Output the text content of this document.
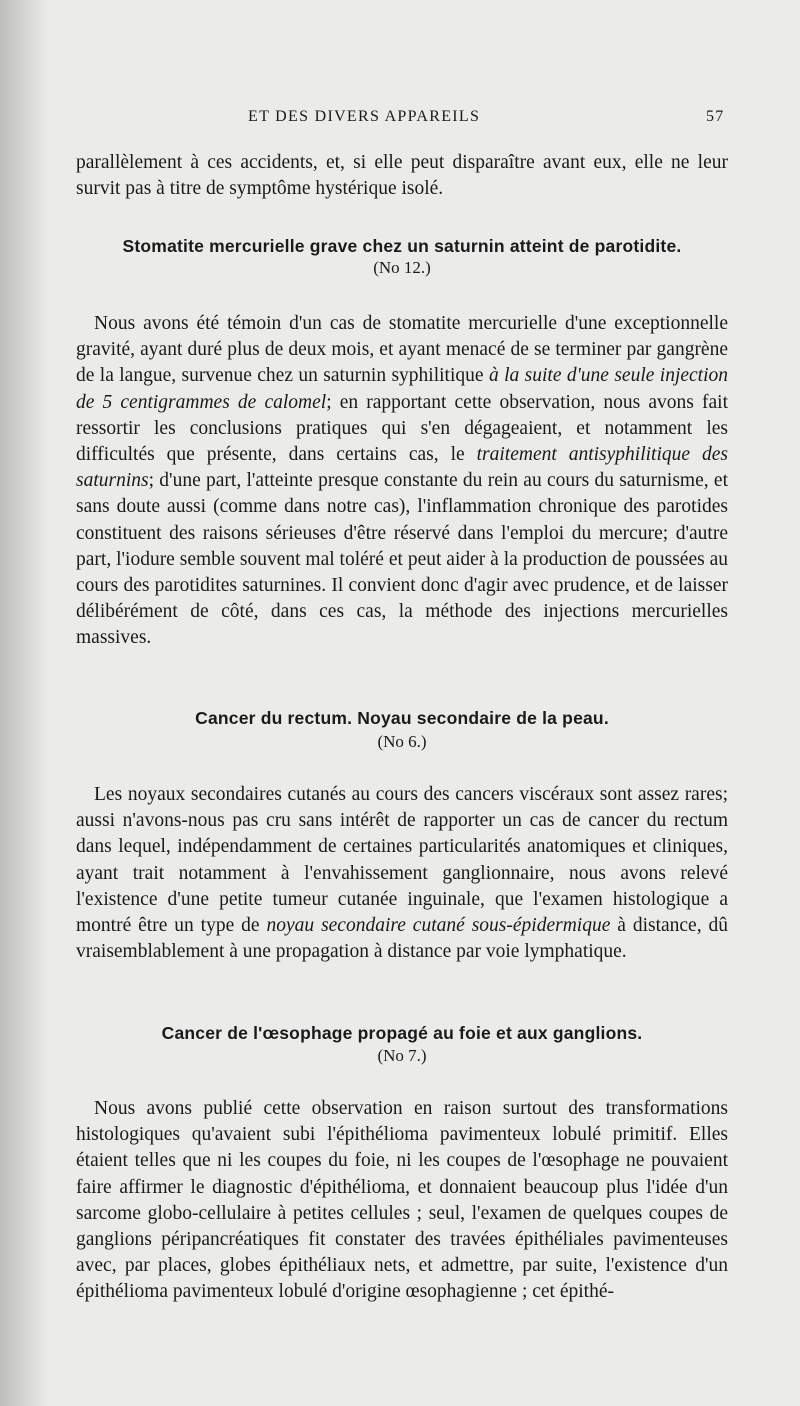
ET DES DIVERS APPAREILS	57

parallèlement à ces accidents, et, si elle peut disparaître avant eux, elle ne leur survit pas à titre de symptôme hystérique isolé.

Stomatite mercurielle grave chez un saturnin atteint de parotidite.
(No 12.)

Nous avons été témoin d'un cas de stomatite mercurielle d'une exceptionnelle gravité, ayant duré plus de deux mois, et ayant menacé de se terminer par gangrène de la langue, survenue chez un saturnin syphilitique à la suite d'une seule injection de 5 centigrammes de calomel; en rapportant cette observation, nous avons fait ressortir les conclusions pratiques qui s'en dégageaient, et notamment les difficultés que présente, dans certains cas, le traitement antisyphilitique des saturnins; d'une part, l'atteinte presque constante du rein au cours du saturnisme, et sans doute aussi (comme dans notre cas), l'inflammation chronique des parotides constituent des raisons sérieuses d'être réservé dans l'emploi du mercure; d'autre part, l'iodure semble souvent mal toléré et peut aider à la production de poussées au cours des parotidites saturnines. Il convient donc d'agir avec prudence, et de laisser délibérément de côté, dans ces cas, la méthode des injections mercurielles massives.

Cancer du rectum. Noyau secondaire de la peau.
(No 6.)

Les noyaux secondaires cutanés au cours des cancers viscéraux sont assez rares; aussi n'avons-nous pas cru sans intérêt de rapporter un cas de cancer du rectum dans lequel, indépendamment de certaines particularités anatomiques et cliniques, ayant trait notamment à l'envahissement ganglionnaire, nous avons relevé l'existence d'une petite tumeur cutanée inguinale, que l'examen histologique a montré être un type de noyau secondaire cutané sous-épidermique à distance, dû vraisemblablement à une propagation à distance par voie lymphatique.

Cancer de l'œsophage propagé au foie et aux ganglions.
(No 7.)

Nous avons publié cette observation en raison surtout des transformations histologiques qu'avaient subi l'épithélioma pavimenteux lobulé primitif. Elles étaient telles que ni les coupes du foie, ni les coupes de l'œsophage ne pouvaient faire affirmer le diagnostic d'épithélioma, et donnaient beaucoup plus l'idée d'un sarcome globo-cellulaire à petites cellules ; seul, l'examen de quelques coupes de ganglions péripancréatiques fit constater des travées épithéliales pavimenteuses avec, par places, globes épithéliaux nets, et admettre, par suite, l'existence d'un épithélioma pavimenteux lobulé d'origine œsophagienne ; cet épithé-
